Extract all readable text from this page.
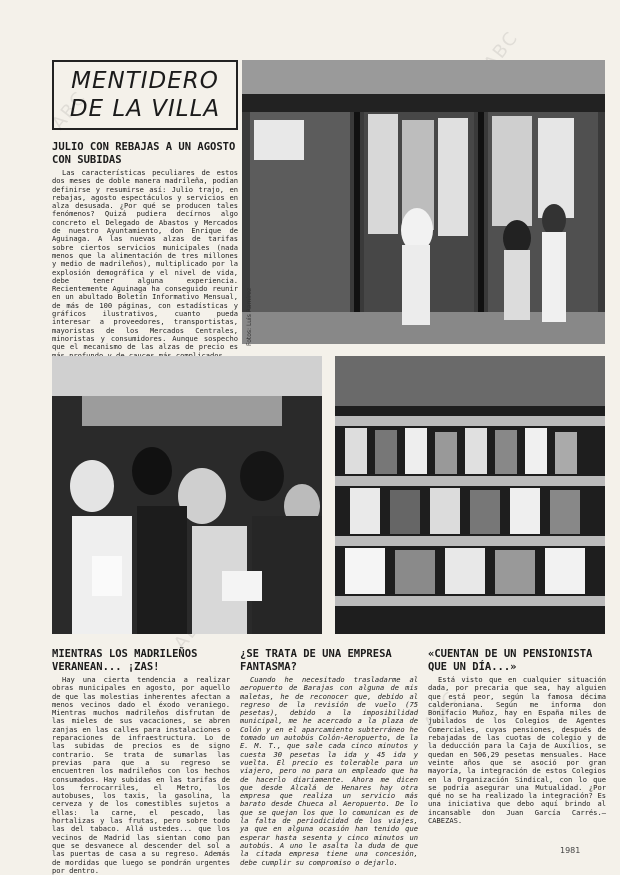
ABC
ABC
ABC
MENTIDERO
DE LA VILLA
JULIO CON REBAJAS A UN AGOSTO CON SUBIDAS

Las características peculiares de estos dos meses de doble manera madrileña, podían definirse y resumirse así: Julio trajo, en rebajas, agosto espectáculos y servicios en alza desusada. ¿Por qué se producen tales fenómenos? Quizá pudiera decírnos algo concreto el Delegado de Abastos y Mercados de nuestro Ayuntamiento, don Enrique de Aguinaga. A las nuevas alzas de tarifas sobre ciertos servicios municipales (nada menos que la alimentación de tres millones y medio de madrileños), multiplicado por la explosión demográfica y el nivel de vida, debe tener alguna experiencia. Recientemente Aguinaga ha conseguido reunir en un abultado Boletín Informativo Mensual, de más de 100 páginas, con estadísticas y gráficos ilustrativos, cuanto pueda interesar a proveedores, transportistas, mayoristas de los Mercados Centrales, minoristas y consumidores. Aunque sospecho que el mecanismo de las alzas de precio es

Fotos: Luis Ramírez
MIENTRAS LOS MADRILEÑOS VERANEAN... ¡ZAS!

Hay una cierta tendencia a realizar obras municipales en agosto, por aquello de que las molestias inherentes afectan a menos vecinos dado el éxodo veraniego. Mientras muchos madrileños disfrutan de las mieles de sus vacaciones, se abren zanjas en las calles para instalaciones o reparaciones de infraestructura. Lo de las subidas de precios es de signo contrario. Se trata de sumarlas las previas para que a su regreso se encuentren los madrileños con los hechos consumados. Hay subidas en las tarifas de los ferrocarriles, el Metro, los autobuses, los taxis, la gasolina, la cerveza y de los comestibles sujetos a ellas: la carne, el pescado, las hortalizas y las frutas, pero sobre todo las del tabaco. Allá ustedes... que los vecinos de Madrid las sientan como pan que se desvanece al descender del sol a las puertas de casa a su regreso. Además de mordidas que luego se pondrán urgentes por dentro.

¿SE TRATA DE UNA EMPRESA FANTASMA?

Cuando he necesitado trasladarme al aeropuerto de Barajas con alguna de mis maletas, he de reconocer que, debido al regreso de la revisión de vuelo (75 pesetas), debido a la imposibilidad municipal, me he acercado a la plaza de Colón y en el aparcamiento subterráneo he tomado un autobús Colón-Aeropuerto, de la E. M. T., que sale cada cinco minutos y cuesta 30 pesetas la ida y 45 ida y vuelta. El precio es tolerable para un viajero, pero no para un empleado que ha de hacerlo diariamente. Ahora me dicen que desde Alcalá de Henares hay otra empresa que realiza un servicio más barato desde Chueca al Aeropuerto. De lo que se quejan los que lo comunican es de la falta de periodicidad de los viajes, ya que en alguna ocasión han tenido que esperar hasta sesenta y cinco minutos un autobús. A uno le asalta la duda de que la citada empresa tiene una concesión, debe cumplir su compromiso o dejarlo.

«CUENTAN DE UN PENSIONISTA QUE UN DÍA...»

Está visto que en cualquier situación dada, por precaria que sea, hay alguien que está peor, según la famosa décima calderoniana. Según me informa don Bonifacio Muñoz, hay en España miles de jubilados de los Colegios de Agentes Comerciales, cuyas pensiones, después de rebajadas de las cuotas de colegio y de la deducción para la Caja de Auxilios, se quedan en 506,29 pesetas mensuales. Hace veinte años que se asoció por gran mayoría, la integración de estos Colegios en la Organización Sindical, con lo que se podría asegurar una Mutualidad. ¿Por qué no se ha realizado la integración? Es una iniciativa que debo aquí brindo al incansable don Juan García Carrés.—CABEZAS.

1981
